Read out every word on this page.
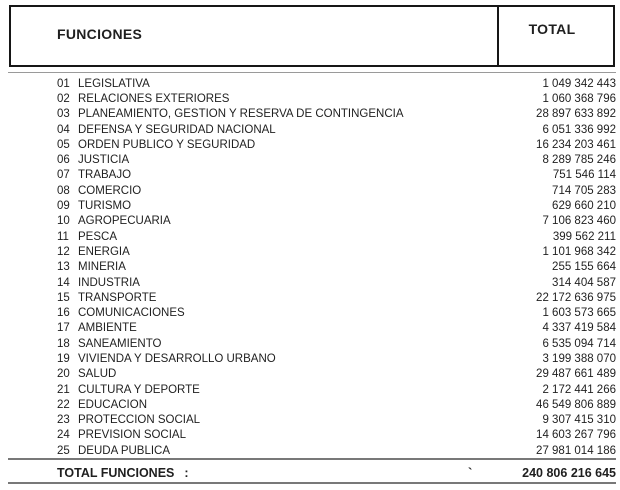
FUNCIONES	TOTAL
01 LEGISLATIVA	1 049 342 443
02 RELACIONES EXTERIORES	1 060 368 796
03 PLANEAMIENTO, GESTION Y RESERVA DE CONTINGENCIA	28 897 633 892
04 DEFENSA Y SEGURIDAD NACIONAL	6 051 336 992
05 ORDEN PUBLICO Y SEGURIDAD	16 234 203 461
06 JUSTICIA	8 289 785 246
07 TRABAJO	751 546 114
08 COMERCIO	714 705 283
09 TURISMO	629 660 210
10 AGROPECUARIA	7 106 823 460
11 PESCA	399 562 211
12 ENERGIA	1 101 968 342
13 MINERIA	255 155 664
14 INDUSTRIA	314 404 587
15 TRANSPORTE	22 172 636 975
16 COMUNICACIONES	1 603 573 665
17 AMBIENTE	4 337 419 584
18 SANEAMIENTO	6 535 094 714
19 VIVIENDA Y DESARROLLO URBANO	3 199 388 070
20 SALUD	29 487 661 489
21 CULTURA Y DEPORTE	2 172 441 266
22 EDUCACION	46 549 806 889
23 PROTECCION SOCIAL	9 307 415 310
24 PREVISION SOCIAL	14 603 267 796
25 DEUDA PUBLICA	27 981 014 186
TOTAL FUNCIONES :	`	240 806 216 645
